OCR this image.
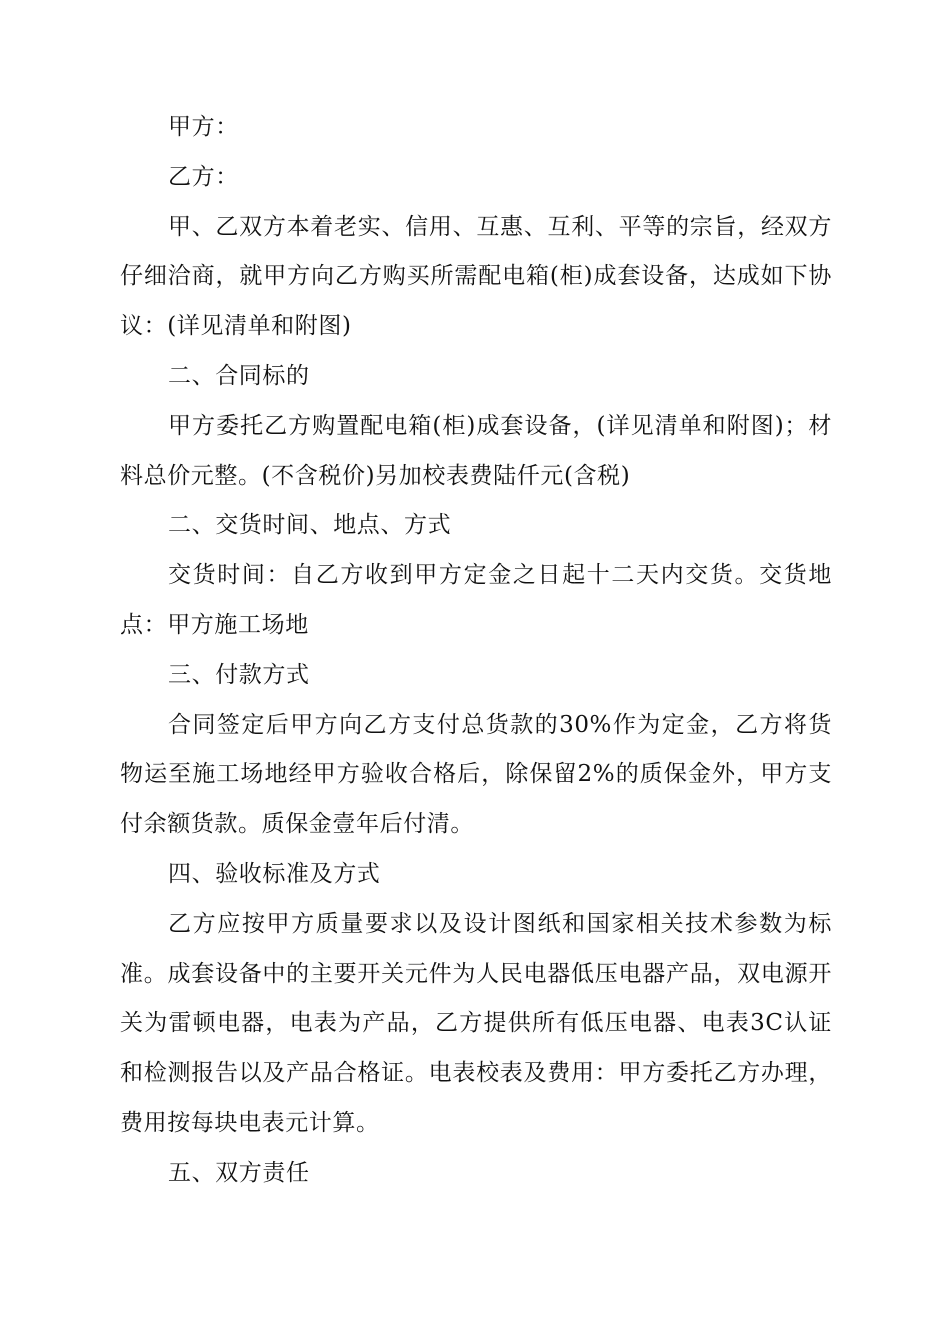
甲方：

乙方：

甲、乙双方本着老实、信用、互惠、互利、平等的宗旨，经双方仔细洽商，就甲方向乙方购买所需配电箱(柜)成套设备，达成如下协议：(详见清单和附图)

二、合同标的

甲方委托乙方购置配电箱(柜)成套设备，(详见清单和附图)；材料总价元整。(不含税价)另加校表费陆仟元(含税)

二、交货时间、地点、方式

交货时间：自乙方收到甲方定金之日起十二天内交货。交货地点：甲方施工场地

三、付款方式

合同签定后甲方向乙方支付总货款的30%作为定金，乙方将货物运至施工场地经甲方验收合格后，除保留2%的质保金外，甲方支付余额货款。质保金壹年后付清。

四、验收标准及方式

乙方应按甲方质量要求以及设计图纸和国家相关技术参数为标准。成套设备中的主要开关元件为人民电器低压电器产品，双电源开关为雷顿电器，电表为产品，乙方提供所有低压电器、电表3C认证和检测报告以及产品合格证。电表校表及费用：甲方委托乙方办理，费用按每块电表元计算。

五、双方责任
